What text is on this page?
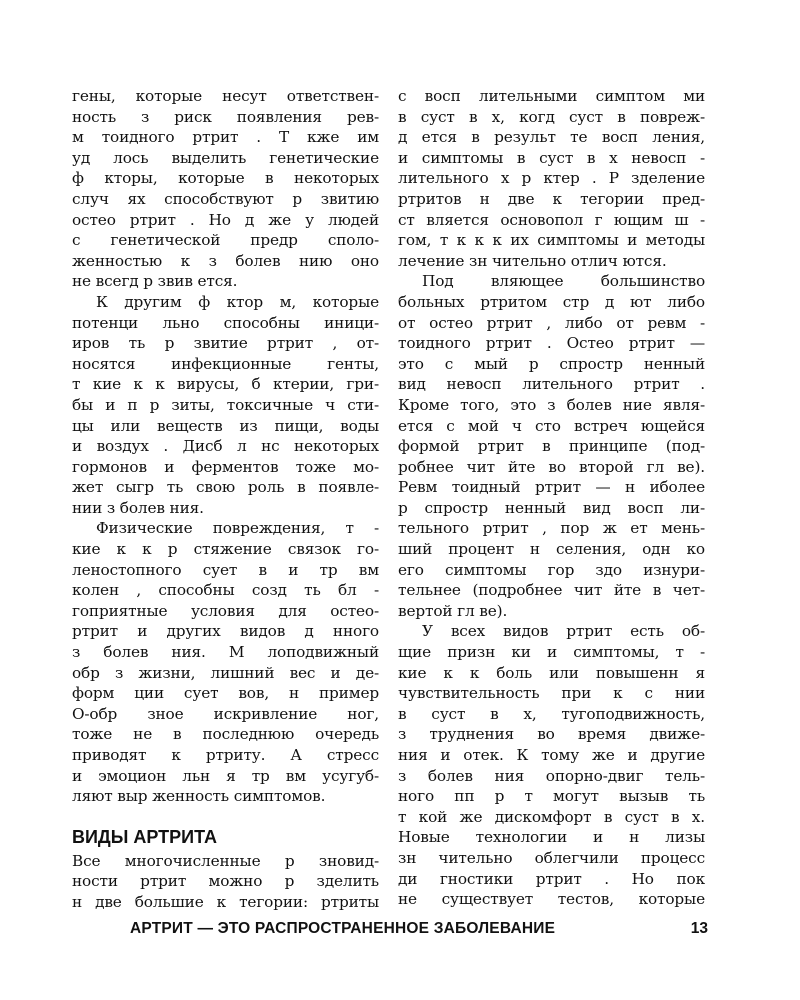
гены, которые несут ответствен-
ность з риск появления рев-
м тоидного ртрит . Т кже им
уд лось выделить генетические
ф кторы, которые в некоторых
случ ях способствуют р звитию
остео ртрит . Но д же у людей
с генетической предр споло-
женностью к з болев нию оно
не всегд р звив ется.
К другим ф ктор м, которые
потенци льно способны иници-
иров ть р звитие ртрит , от-
носятся инфекционные генты,
т кие к к вирусы, б ктерии, гри-
бы и п р зиты, токсичные ч сти-
цы или веществ из пищи, воды
и воздух . Дисб л нс некоторых
гормонов и ферментов тоже мо-
жет сыгр ть свою роль в появле-
нии з болев ния.
Физические повреждения, т -
кие к к р стяжение связок го-
леностопного сует в и тр вм
колен , способны созд ть бл -
гоприятные условия для остео-
ртрит и других видов д нного
з болев ния. М лоподвижный
обр з жизни, лишний вес и де-
форм ции сует вов, н пример
О-обр зное искривление ног,
тоже не в последнюю очередь
приводят к ртриту. А стресс
и эмоцион льн я тр вм усугуб-
ляют выр женность симптомов.
ВИДЫ АРТРИТА
Все многочисленные р зновид-
ности ртрит можно р зделить
н две большие к тегории: ртриты
с восп лительными симптом ми
в суст в х, когд суст в повреж-
д ется в результ те восп ления,
и симптомы в суст в х невосп -
лительного х р ктер . Р зделение
ртритов н две к тегории пред-
ст вляется основопол г ющим ш -
гом, т к к к их симптомы и методы
лечение зн чительно отлич ются.
Под вляющее большинство
больных ртритом стр д ют либо
от остео ртрит , либо от ревм -
тоидного ртрит . Остео ртрит —
это с мый р спростр ненный
вид невосп лительного ртрит .
Кроме того, это з болев ние явля-
ется с мой ч сто встреч ющейся
формой ртрит в принципе (под-
робнее чит йте во второй гл ве).
Ревм тоидный ртрит — н иболее
р спростр ненный вид восп ли-
тельного ртрит , пор ж ет мень-
ший процент н селения, одн ко
его симптомы гор здо изнури-
тельнее (подробнее чит йте в чет-
вертой гл ве).
У всех видов ртрит есть об-
щие призн ки и симптомы, т -
кие к к боль или повышенн я
чувствительность при к с нии
в суст в х, тугоподвижность,
з труднения во время движе-
ния и отек. К тому же и другие
з болев ния опорно-двиг тель-
ного пп р т могут вызыв ть
т кой же дискомфорт в суст в х.
Новые технологии и н лизы
зн чительно облегчили процесс
ди гностики ртрит . Но пок
не существует тестов, которые
АРТРИТ — ЭТО РАСПРОСТРАНЕННОЕ ЗАБОЛЕВАНИЕ	13
